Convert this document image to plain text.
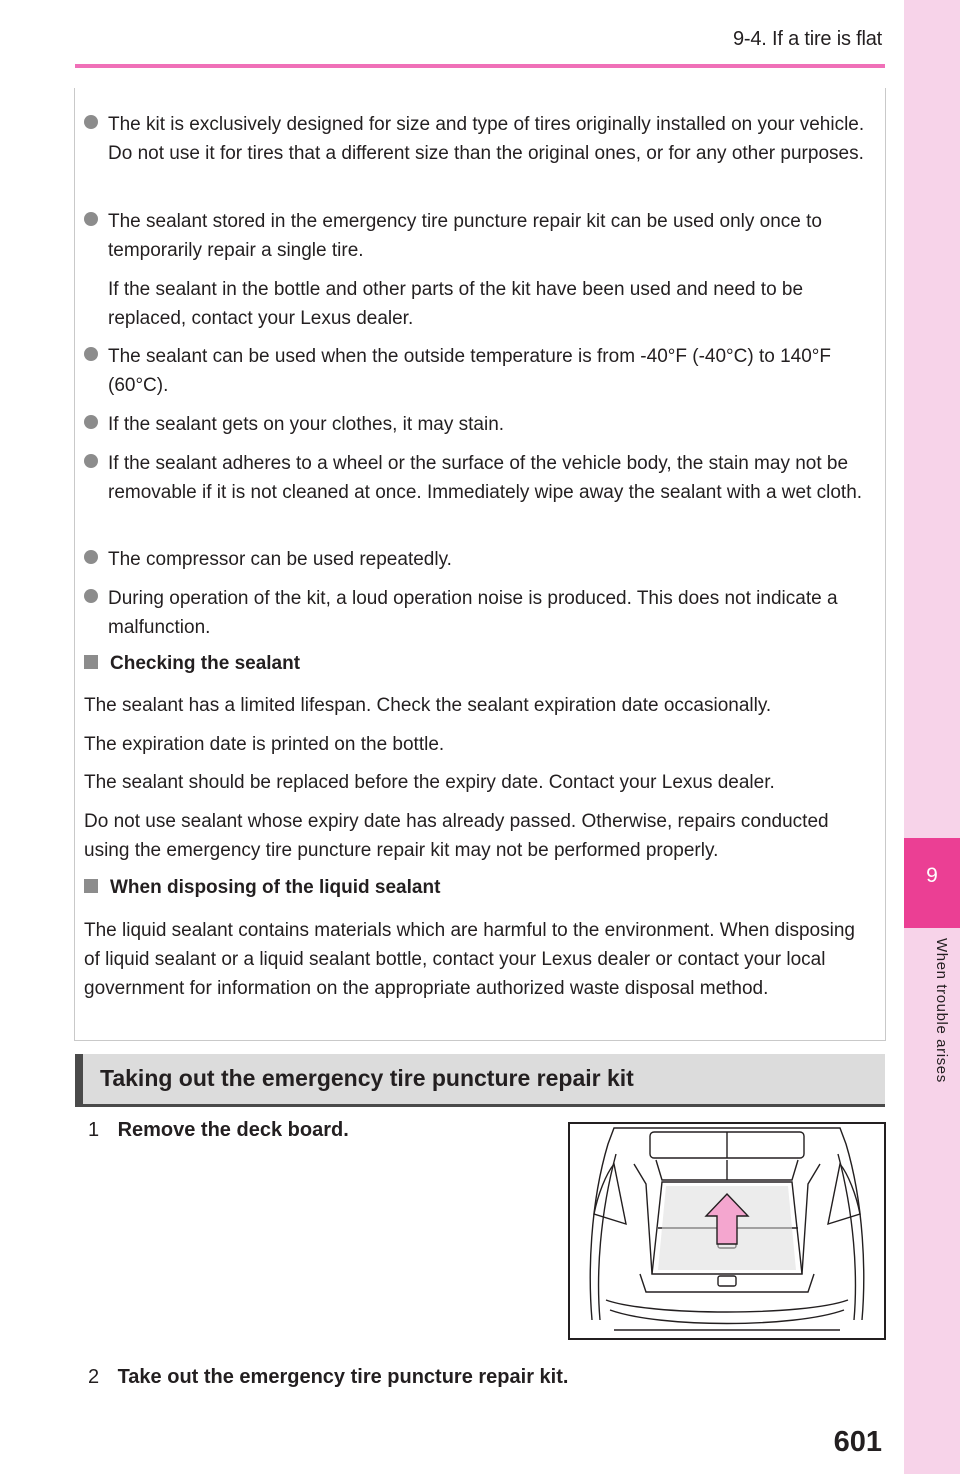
9-4. If a tire is flat
9
When trouble arises
The kit is exclusively designed for size and type of tires originally installed on your vehicle. Do not use it for tires that a different size than the original ones, or for any other purposes.
The sealant stored in the emergency tire puncture repair kit can be used only once to temporarily repair a single tire.
If the sealant in the bottle and other parts of the kit have been used and need to be replaced, contact your Lexus dealer.
The sealant can be used when the outside temperature is from -40°F (-40°C) to 140°F (60°C).
If the sealant gets on your clothes, it may stain.
If the sealant adheres to a wheel or the surface of the vehicle body, the stain may not be removable if it is not cleaned at once. Immediately wipe away the sealant with a wet cloth.
The compressor can be used repeatedly.
During operation of the kit, a loud operation noise is produced. This does not indicate a malfunction.
Checking the sealant
The sealant has a limited lifespan. Check the sealant expiration date occasionally.
The expiration date is printed on the bottle.
The sealant should be replaced before the expiry date. Contact your Lexus dealer.
Do not use sealant whose expiry date has already passed. Otherwise, repairs conducted using the emergency tire puncture repair kit may not be performed properly.
When disposing of the liquid sealant
The liquid sealant contains materials which are harmful to the environment. When disposing of liquid sealant or a liquid sealant bottle, contact your Lexus dealer or contact your local government for information on the appropriate authorized waste disposal method.
Taking out the emergency tire puncture repair kit
1 Remove the deck board.
2 Take out the emergency tire puncture repair kit.
601
